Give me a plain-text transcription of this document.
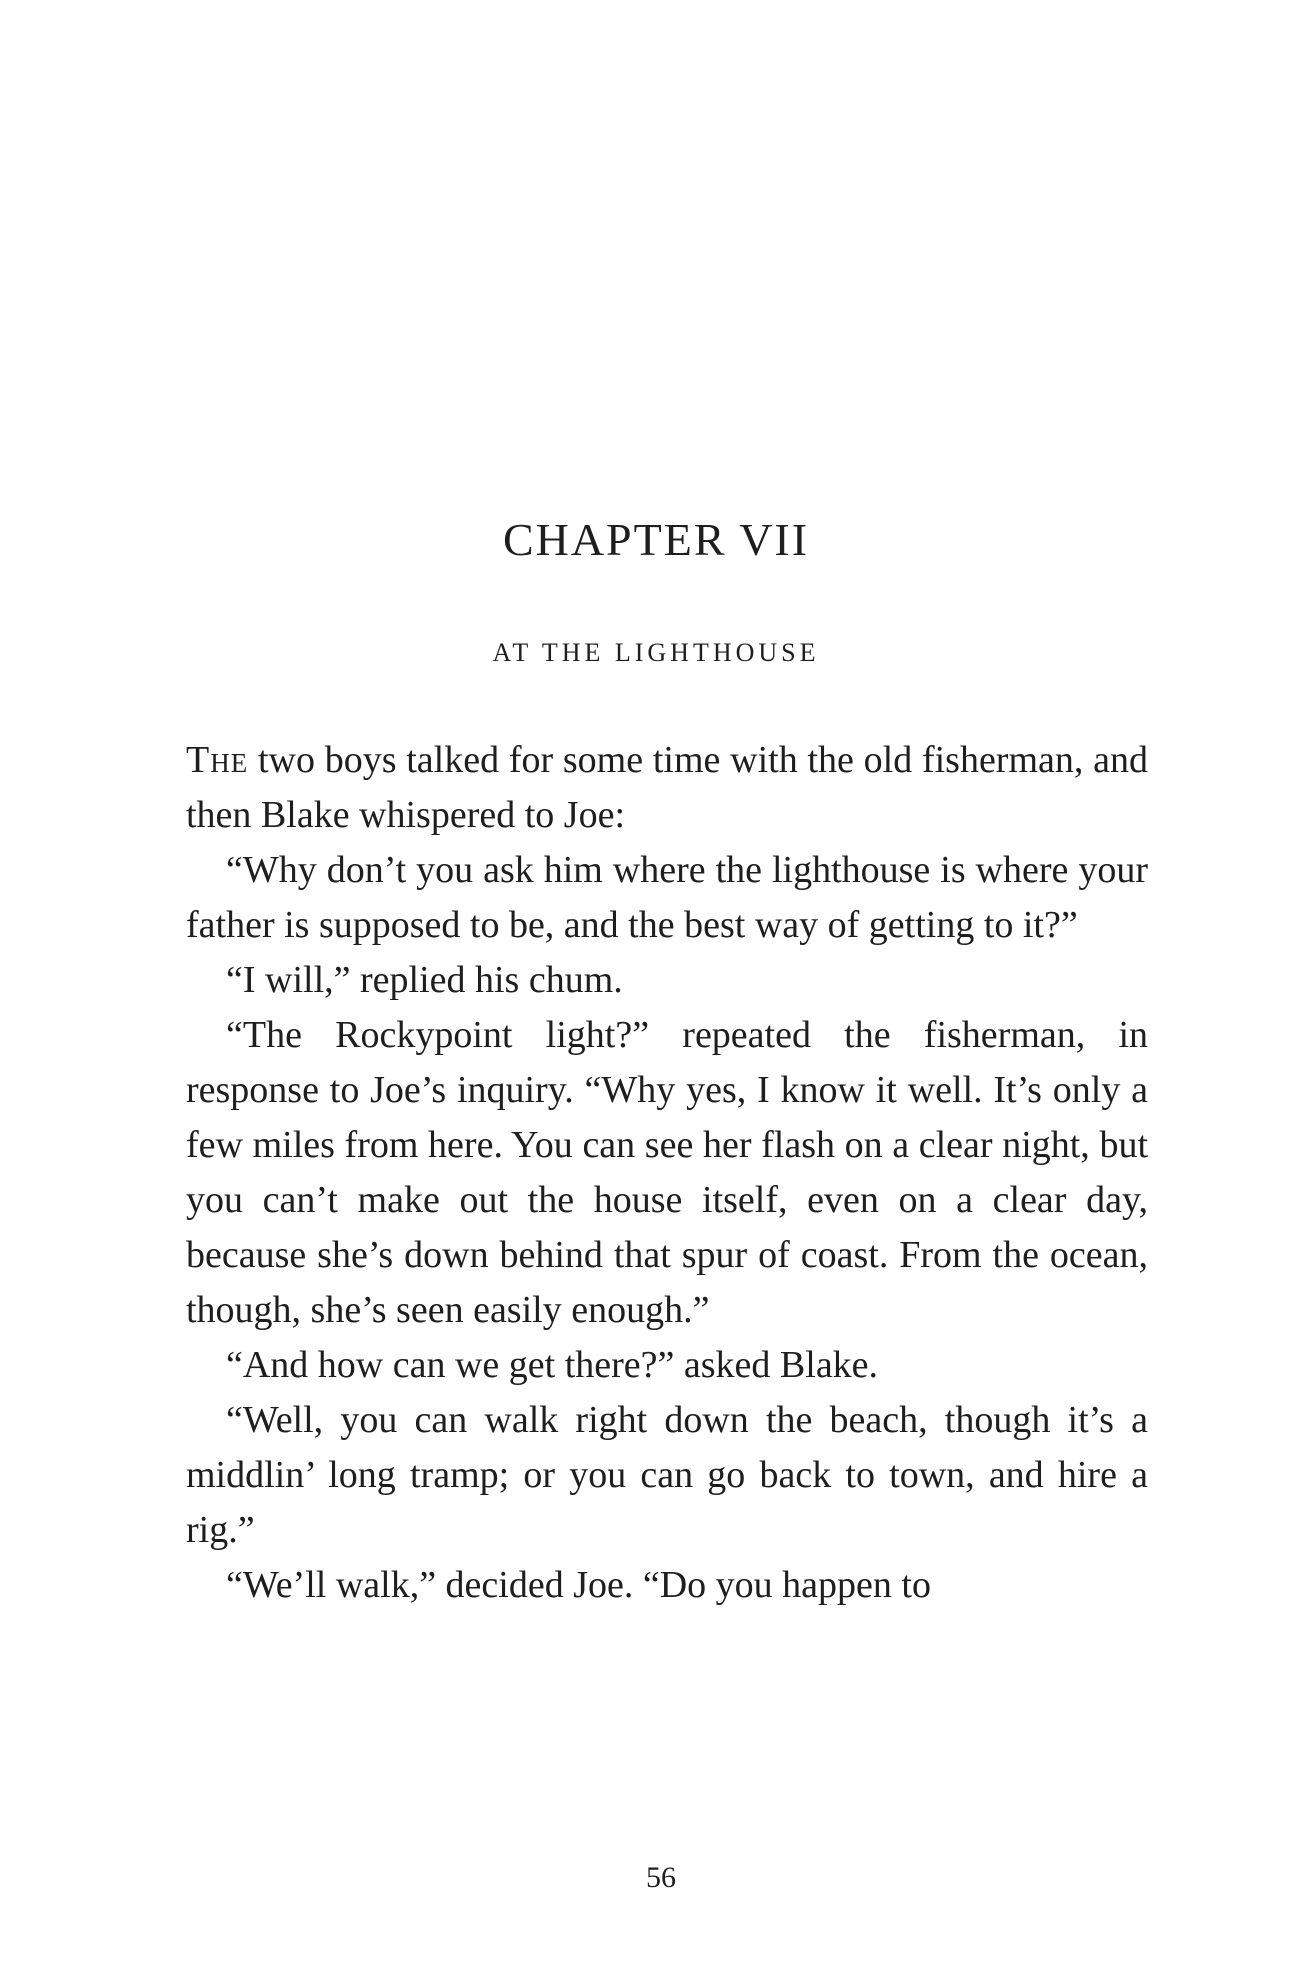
CHAPTER VII
AT THE LIGHTHOUSE

The two boys talked for some time with the old fisherman, and then Blake whispered to Joe:

“Why don’t you ask him where the lighthouse is where your father is supposed to be, and the best way of getting to it?”

“I will,” replied his chum.

“The Rockypoint light?” repeated the fisherman, in response to Joe’s inquiry. “Why yes, I know it well. It’s only a few miles from here. You can see her flash on a clear night, but you can’t make out the house itself, even on a clear day, because she’s down behind that spur of coast. From the ocean, though, she’s seen easily enough.”

“And how can we get there?” asked Blake.

“Well, you can walk right down the beach, though it’s a middlin’ long tramp; or you can go back to town, and hire a rig.”

“We’ll walk,” decided Joe. “Do you happen to

56
